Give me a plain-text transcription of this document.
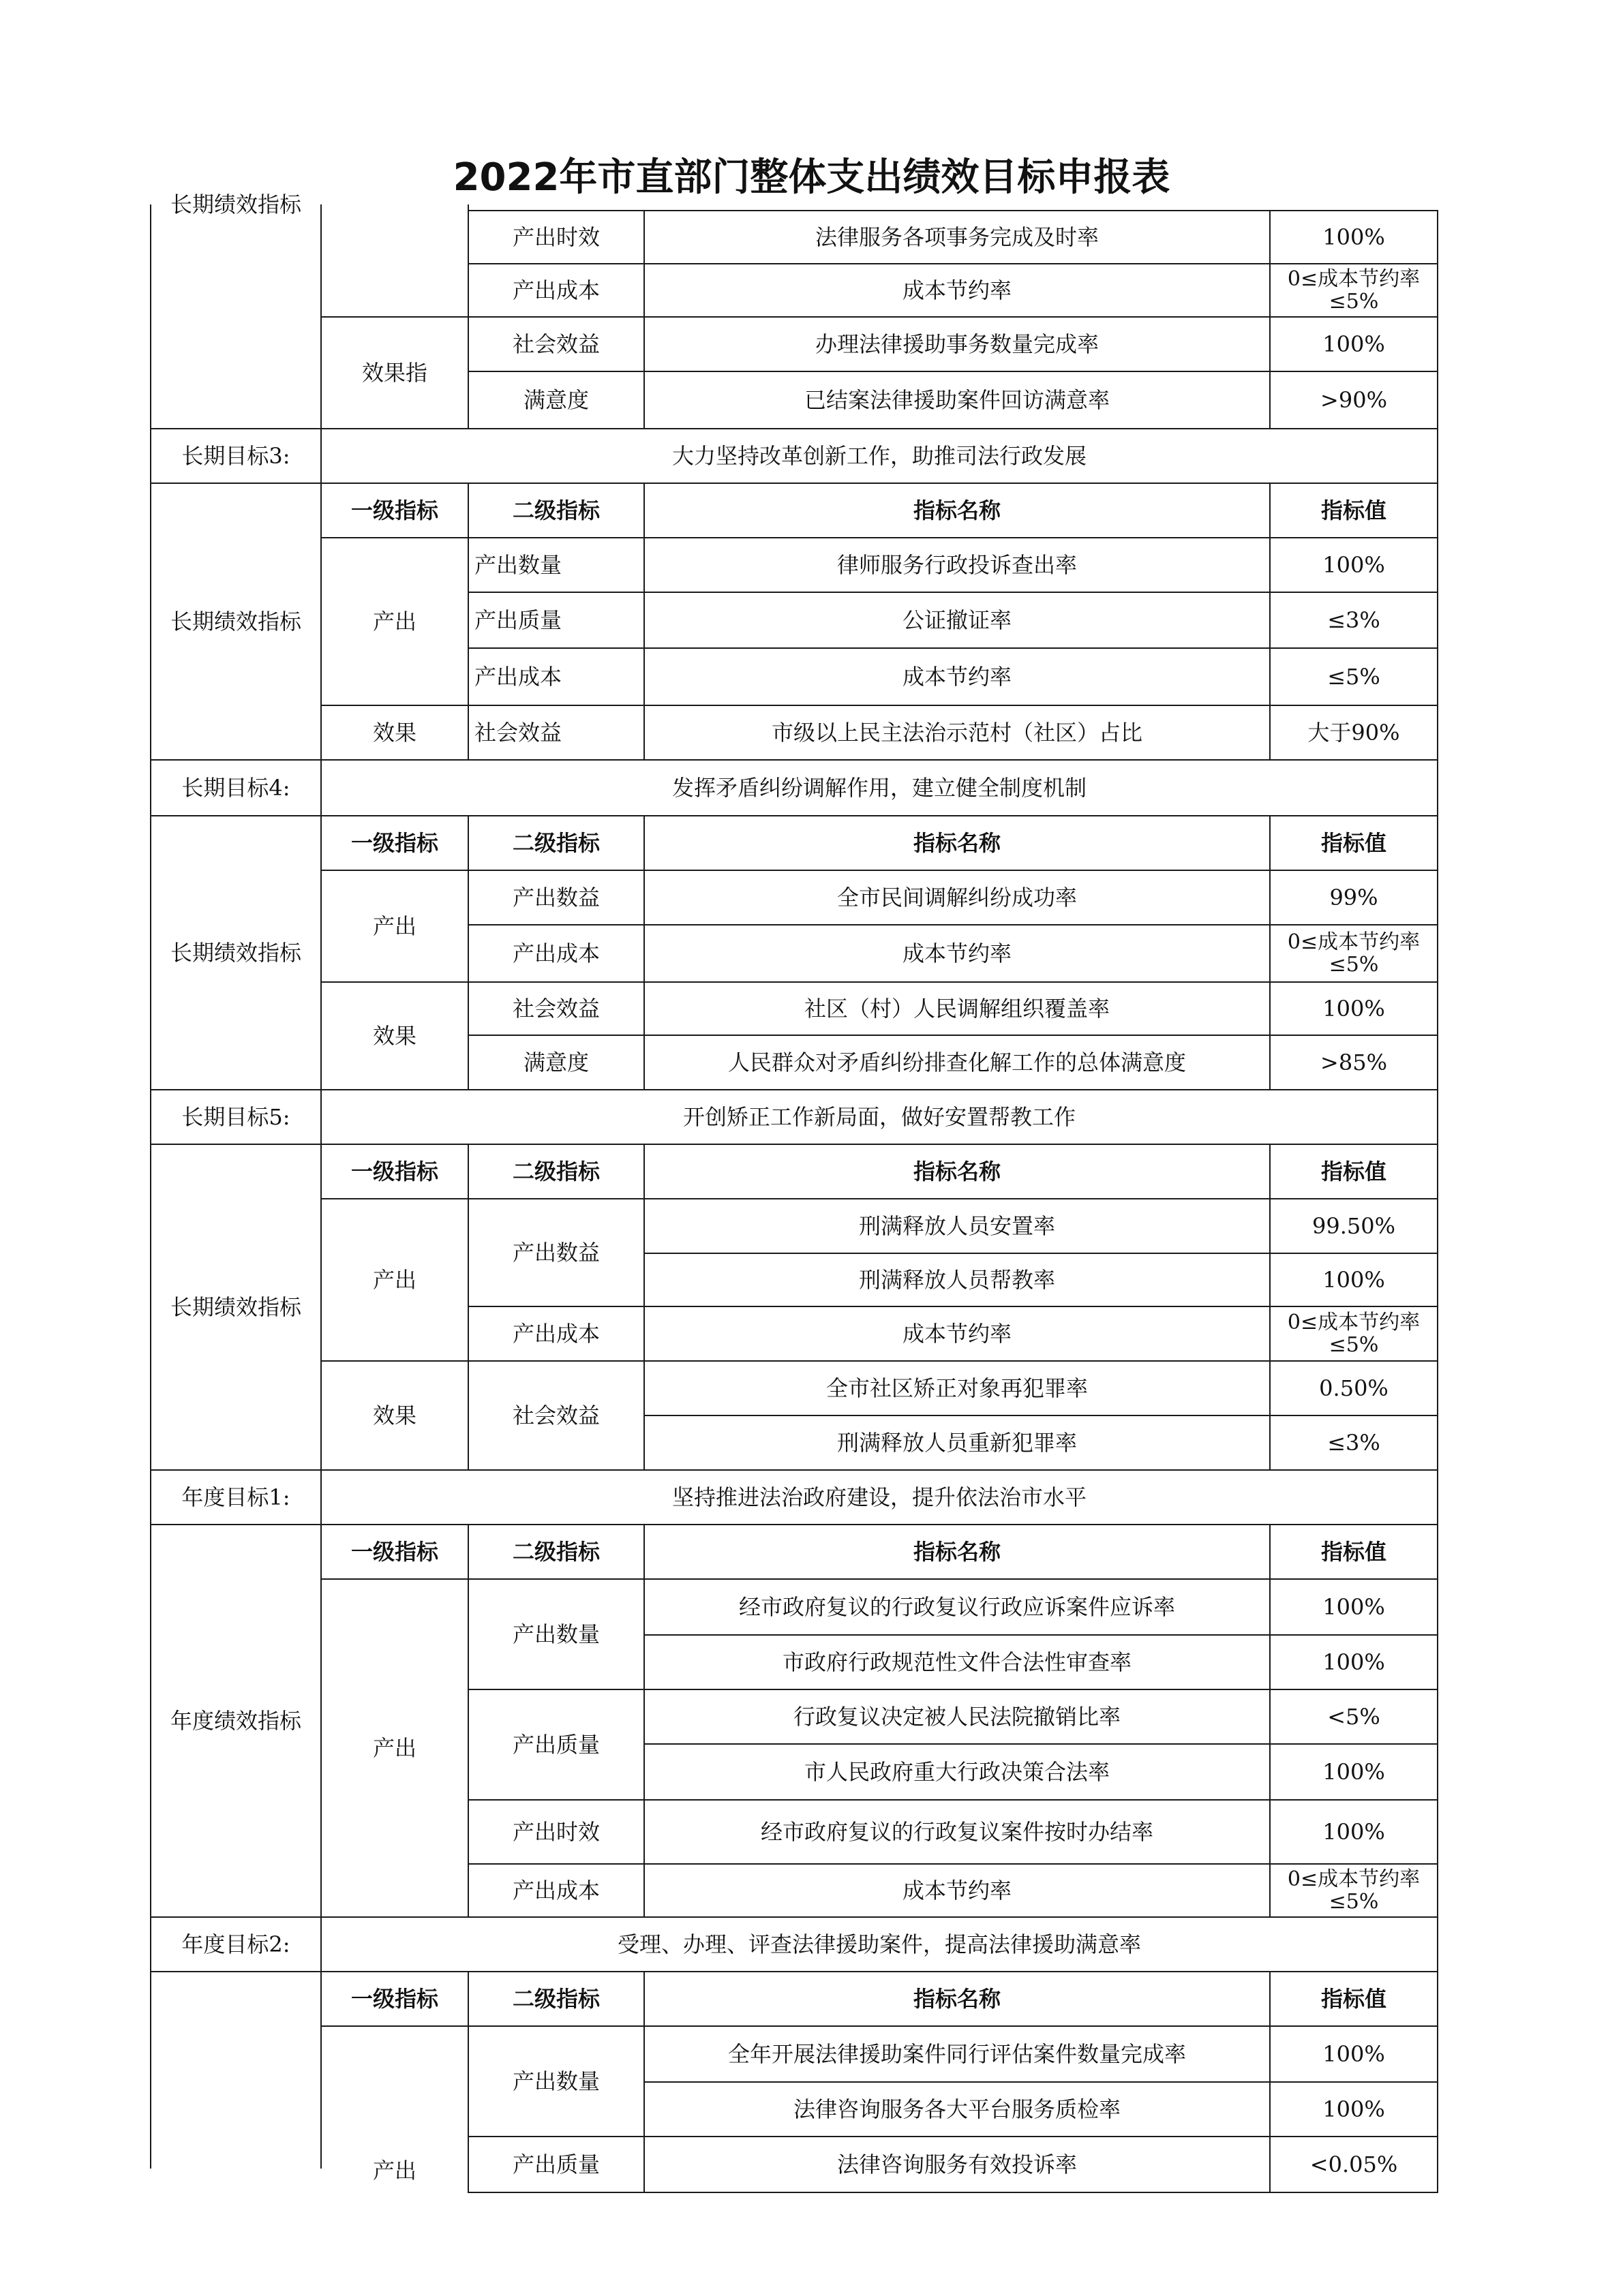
长期绩效指标
产出时效	法律服务各项事务完成及时率	100%
产出成本	成本节约率	0≤成本节约率≤5%
效果指
社会效益	办理法律援助事务数量完成率	100%
满意度	已结案法律援助案件回访满意率	>90%
长期目标3:	大力坚持改革创新工作，助推司法行政发展
长期绩效指标
一级指标	二级指标	指标名称	指标值
产出
产出数量	律师服务行政投诉查出率	100%
产出质量	公证撤证率	≤3%
产出成本	成本节约率	≤5%
效果	社会效益	市级以上民主法治示范村（社区）占比	大于90%
长期目标4:	发挥矛盾纠纷调解作用，建立健全制度机制
长期绩效指标
一级指标	二级指标	指标名称	指标值
产出
产出数益	全市民间调解纠纷成功率	99%
产出成本	成本节约率	0≤成本节约率≤5%
效果
社会效益	社区（村）人民调解组织覆盖率	100%
满意度	人民群众对矛盾纠纷排查化解工作的总体满意度	>85%
长期目标5:	开创矫正工作新局面，做好安置帮教工作
长期绩效指标
一级指标	二级指标	指标名称	指标值
产出
产出数益
刑满释放人员安置率	99.50%
刑满释放人员帮教率	100%
产出成本	成本节约率	0≤成本节约率≤5%
效果	社会效益
全市社区矫正对象再犯罪率	0.50%
刑满释放人员重新犯罪率	≤3%
年度目标1:	坚持推进法治政府建设，提升依法治市水平
年度绩效指标
一级指标	二级指标	指标名称	指标值
产出
产出数量
经市政府复议的行政复议行政应诉案件应诉率	100%
市政府行政规范性文件合法性审查率	100%
产出质量
行政复议决定被人民法院撤销比率	<5%
市人民政府重大行政决策合法率	100%
产出时效	经市政府复议的行政复议案件按时办结率	100%
产出成本	成本节约率	0≤成本节约率≤5%
年度目标2:	受理、办理、评查法律援助案件，提高法律援助满意率
一级指标	二级指标	指标名称	指标值
产出
产出数量
全年开展法律援助案件同行评估案件数量完成率	100%
法律咨询服务各大平台服务质检率	100%
产出质量	法律咨询服务有效投诉率	<0.05%
2022年市直部门整体支出绩效目标申报表
